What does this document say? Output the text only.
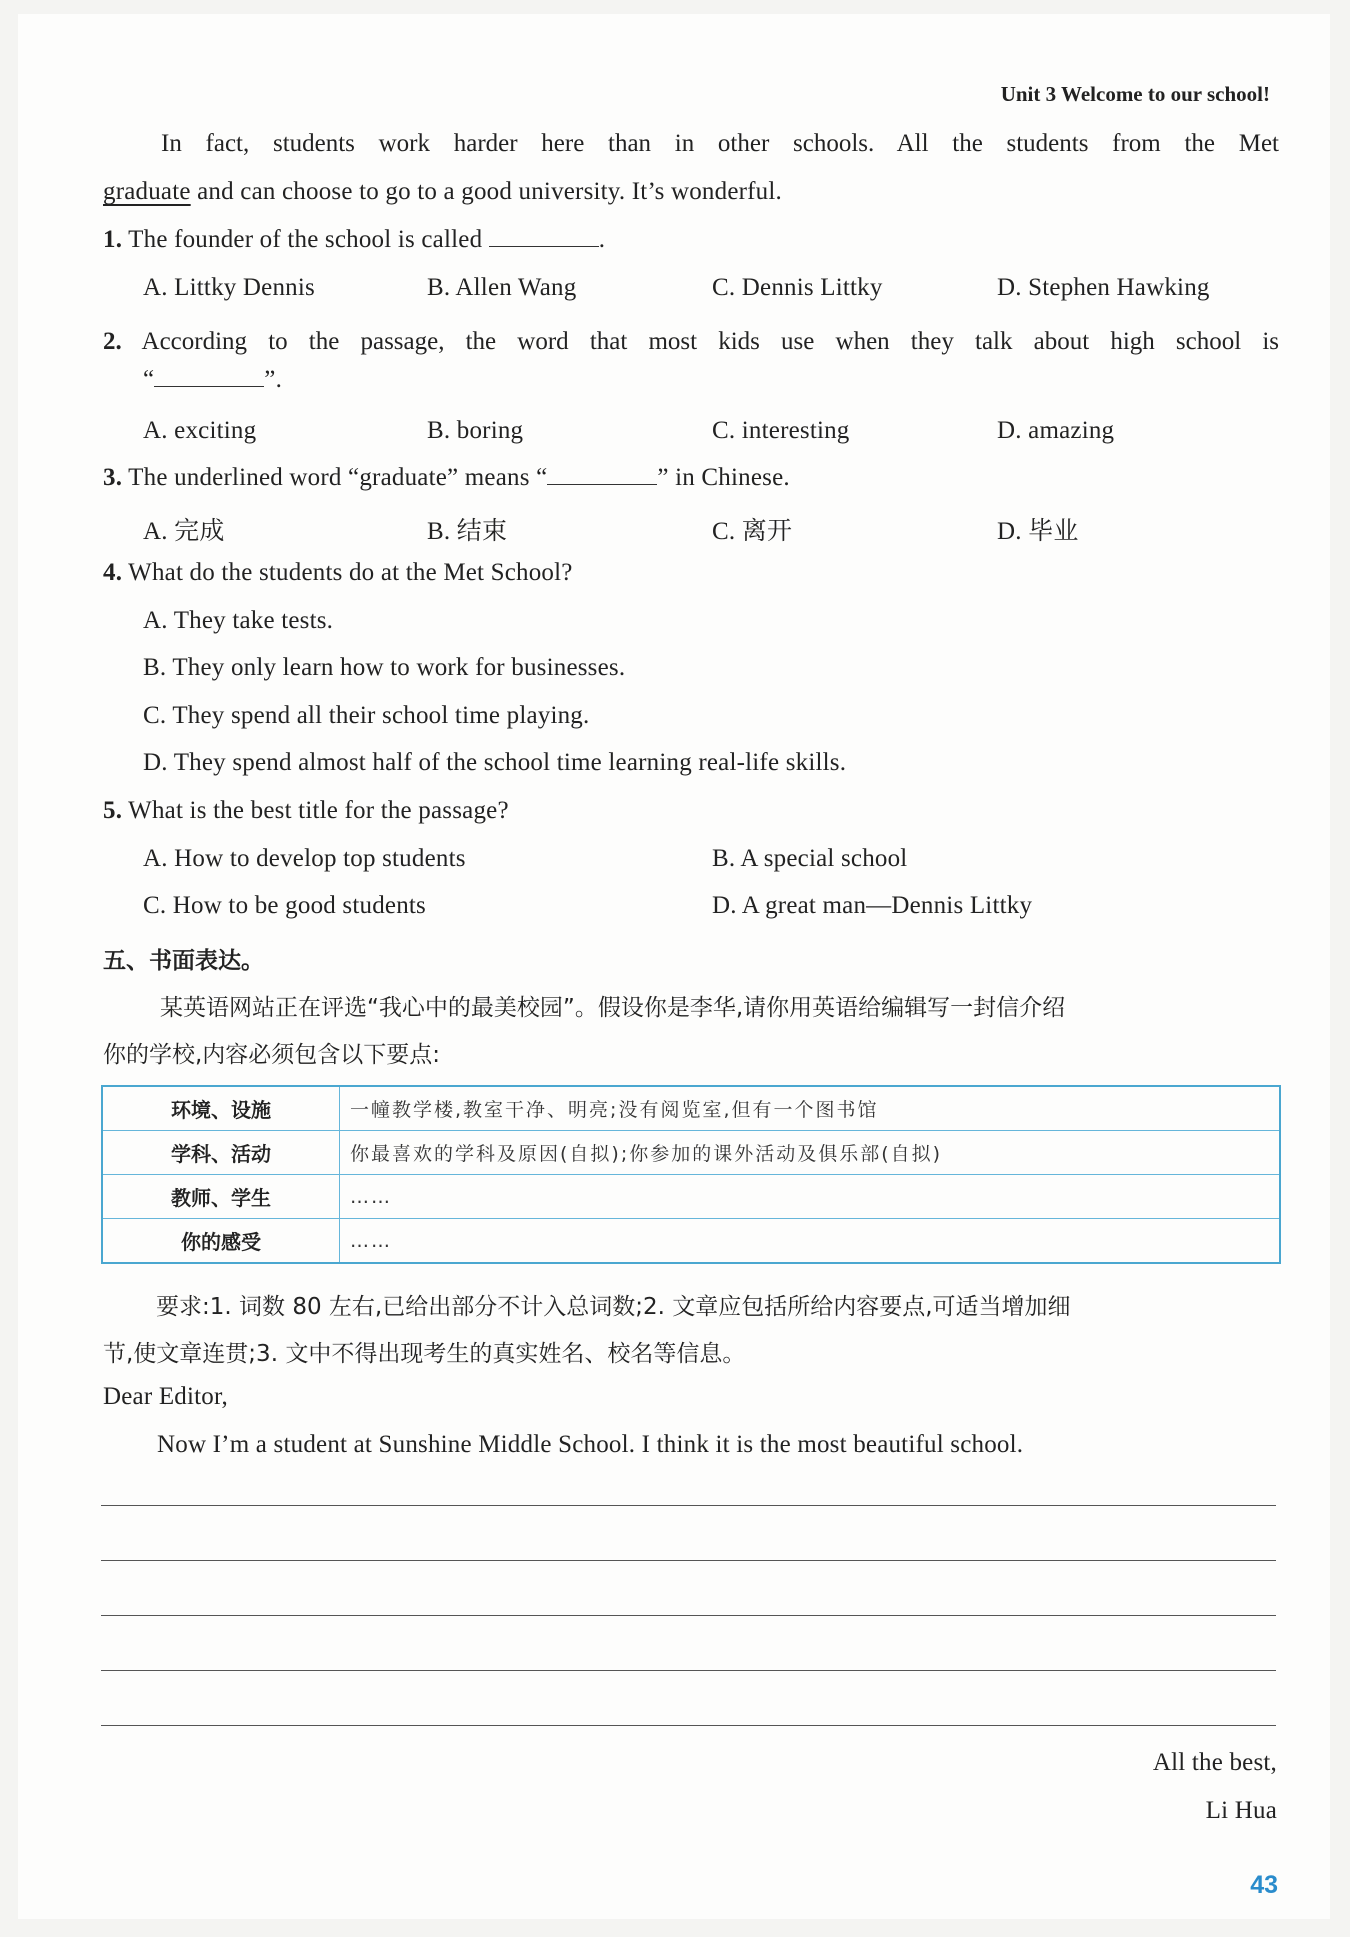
Unit 3 Welcome to our school!
In fact, students work harder here than in other schools. All the students from the Met
graduate and can choose to go to a good university. It’s wonderful.
1. The founder of the school is called	.
A. Littky Dennis	B. Allen Wang	C. Dennis Littky	D. Stephen Hawking
2. According to the passage, the word that most kids use when they talk about high school is
“	”.
A. exciting	B. boring	C. interesting	D. amazing
3. The underlined word “graduate” means “	” in Chinese.
A. 完成	B. 结束	C. 离开	D. 毕业
4. What do the students do at the Met School?
A. They take tests.
B. They only learn how to work for businesses.
C. They spend all their school time playing.
D. They spend almost half of the school time learning real-life skills.
5. What is the best title for the passage?
A. How to develop top students	B. A special school
C. How to be good students	D. A great man—Dennis Littky
五、书面表达。
某英语网站正在评选“我心中的最美校园”。假设你是李华,请你用英语给编辑写一封信介绍
你的学校,内容必须包含以下要点:
环境、设施	一幢教学楼,教室干净、明亮;没有阅览室,但有一个图书馆
学科、活动	你最喜欢的学科及原因(自拟);你参加的课外活动及俱乐部(自拟)
教师、学生	……
你的感受	……
要求:1. 词数 80 左右,已给出部分不计入总词数;2. 文章应包括所给内容要点,可适当增加细
节,使文章连贯;3. 文中不得出现考生的真实姓名、校名等信息。
Dear Editor,
Now I’m a student at Sunshine Middle School. I think it is the most beautiful school.
All the best,
Li Hua
43
